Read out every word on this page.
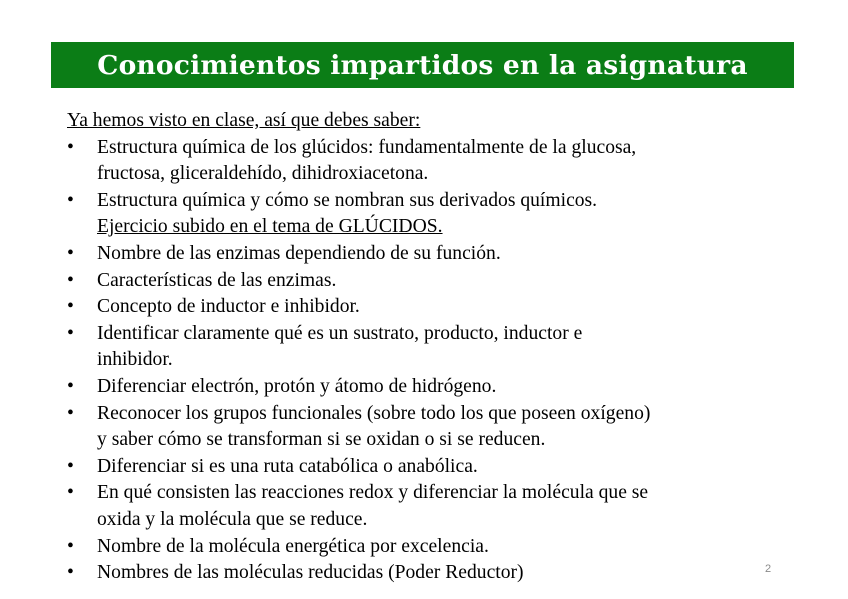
Conocimientos impartidos en la asignatura
Ya hemos visto en clase, así que debes saber:
• Estructura química de los glúcidos: fundamentalmente de la glucosa,
fructosa, gliceraldehído, dihidroxiacetona.
• Estructura química y cómo se nombran sus derivados químicos.
Ejercicio subido en el tema de GLÚCIDOS.
• Nombre de las enzimas dependiendo de su función.
• Características de las enzimas.
• Concepto de inductor e inhibidor.
• Identificar claramente qué es un sustrato, producto, inductor e
inhibidor.
• Diferenciar electrón, protón y átomo de hidrógeno.
• Reconocer los grupos funcionales (sobre todo los que poseen oxígeno)
y saber cómo se transforman si se oxidan o si se reducen.
• Diferenciar si es una ruta catabólica o anabólica.
• En qué consisten las reacciones redox y diferenciar la molécula que se
oxida y la molécula que se reduce.
• Nombre de la molécula energética por excelencia.
• Nombres de las moléculas reducidas (Poder Reductor)	2
